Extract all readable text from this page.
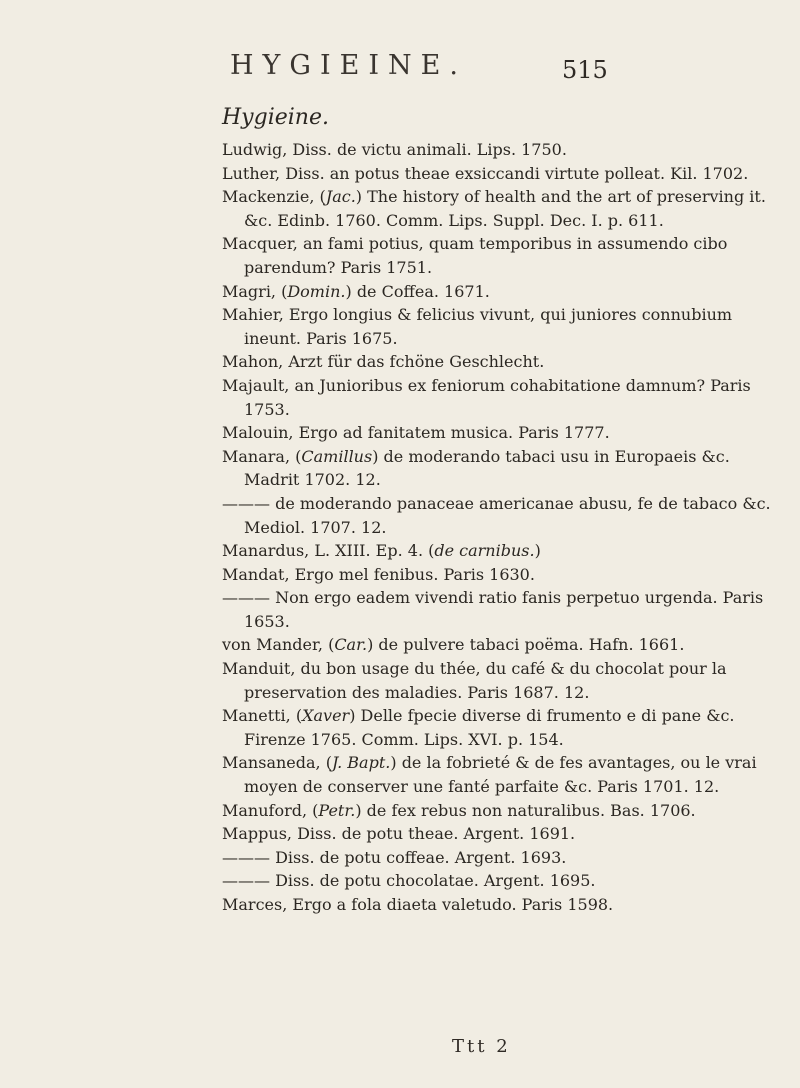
HYGIEINE.	515
Hygieine.

Ludwig, Diss. de victu animali. Lips. 1750.

Luther, Diss. an potus theae exsiccandi virtute polleat. Kil. 1702.

Mackenzie, (Jac.) The history of health and the art of preserving it. &c. Edinb. 1760. Comm. Lips. Suppl. Dec. I. p. 611.

Macquer, an fami potius, quam temporibus in assumendo cibo parendum? Paris 1751.

Magri, (Domin.) de Coffea. 1671.

Mahier, Ergo longius & felicius vivunt, qui juniores connubium ineunt. Paris 1675.

Mahon, Arzt für das fchöne Geschlecht.

Majault, an Junioribus ex feniorum cohabitatione damnum? Paris 1753.

Malouin, Ergo ad fanitatem musica. Paris 1777.

Manara, (Camillus) de moderando tabaci usu in Europaeis &c. Madrit 1702. 12.

——— de moderando panaceae americanae abusu, fe de tabaco &c. Mediol. 1707. 12.

Manardus, L. XIII. Ep. 4. (de carnibus.)

Mandat, Ergo mel fenibus. Paris 1630.

——— Non ergo eadem vivendi ratio fanis perpetuo urgenda. Paris 1653.

von Mander, (Car.) de pulvere tabaci poëma. Hafn. 1661.

Manduit, du bon usage du thée, du café & du chocolat pour la preservation des maladies. Paris 1687. 12.

Manetti, (Xaver) Delle fpecie diverse di frumento e di pane &c. Firenze 1765. Comm. Lips. XVI. p. 154.

Mansaneda, (J. Bapt.) de la fobrieté & de fes avantages, ou le vrai moyen de conserver une fanté parfaite &c. Paris 1701. 12.

Manuford, (Petr.) de fex rebus non naturalibus. Bas. 1706.

Mappus, Diss. de potu theae. Argent. 1691.

——— Diss. de potu coffeae. Argent. 1693.

——— Diss. de potu chocolatae. Argent. 1695.

Marces, Ergo a fola diaeta valetudo. Paris 1598.

Ttt 2
